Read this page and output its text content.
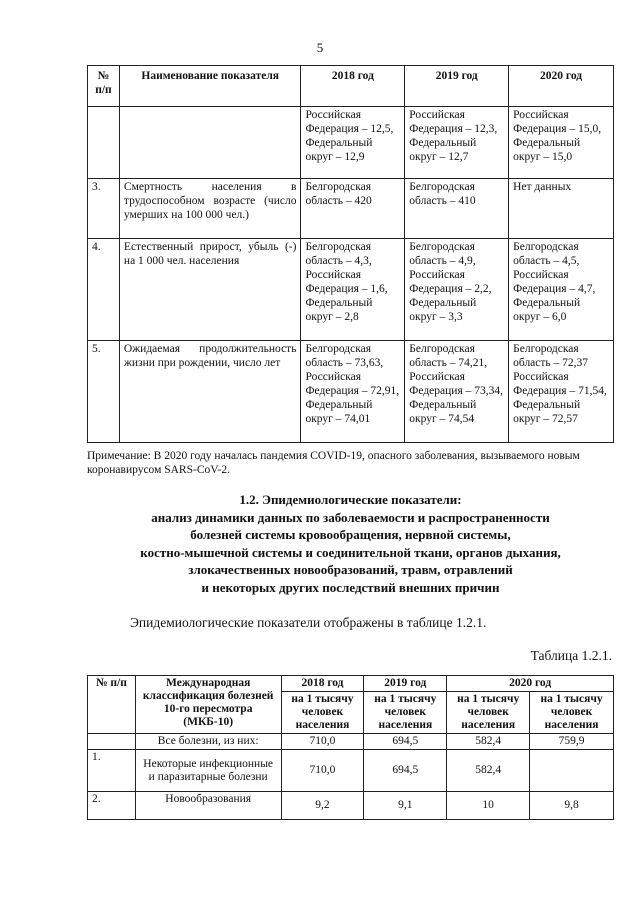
5
№ п/п	Наименование показателя	2018 год	2019 год	2020 год
		Российская Федерация – 12,5, Федеральный округ – 12,9	Российская Федерация – 12,3, Федеральный округ – 12,7	Российская Федерация – 15,0, Федеральный округ – 15,0
3.	Смертность населения в трудоспособном возрасте (число умерших на 100 000 чел.)	Белгородская область – 420	Белгородская область – 410	Нет данных
4.	Естественный прирост, убыль (-) на 1 000 чел. населения	Белгородская область – 4,3, Российская Федерация – 1,6, Федеральный округ – 2,8	Белгородская область – 4,9, Российская Федерация – 2,2, Федеральный округ – 3,3	Белгородская область – 4,5, Российская Федерация – 4,7, Федеральный округ – 6,0
5.	Ожидаемая продолжительность жизни при рождении, число лет	Белгородская область – 73,63, Российская Федерация – 72,91, Федеральный округ – 74,01	Белгородская область – 74,21, Российская Федерация – 73,34, Федеральный округ – 74,54	Белгородская область – 72,37 Российская Федерация – 71,54, Федеральный округ – 72,57
Примечание: В 2020 году началась пандемия COVID-19, опасного заболевания, вызываемого новым коронавирусом SARS-CoV-2.
1.2. Эпидемиологические показатели:
анализ динамики данных по заболеваемости и распространенности
болезней системы кровообращения, нервной системы,
костно-мышечной системы и соединительной ткани, органов дыхания,
злокачественных новообразований, травм, отравлений
и некоторых других последствий внешних причин
Эпидемиологические показатели отображены в таблице 1.2.1.
Таблица 1.2.1.
№ п/п	Международная классификация болезней 10-го пересмотра (МКБ-10)	2018 год	2019 год	2020 год	
		на 1 тысячу человек населения	на 1 тысячу человек населения	на 1 тысячу человек населения	на 1 тысячу человек населения
	Все болезни, из них:	710,0	694,5	582,4	759,9
1.	Некоторые инфекционные и паразитарные болезни	710,0	694,5	582,4	
2.	Новообразования	9,2	9,1	10	9,8
